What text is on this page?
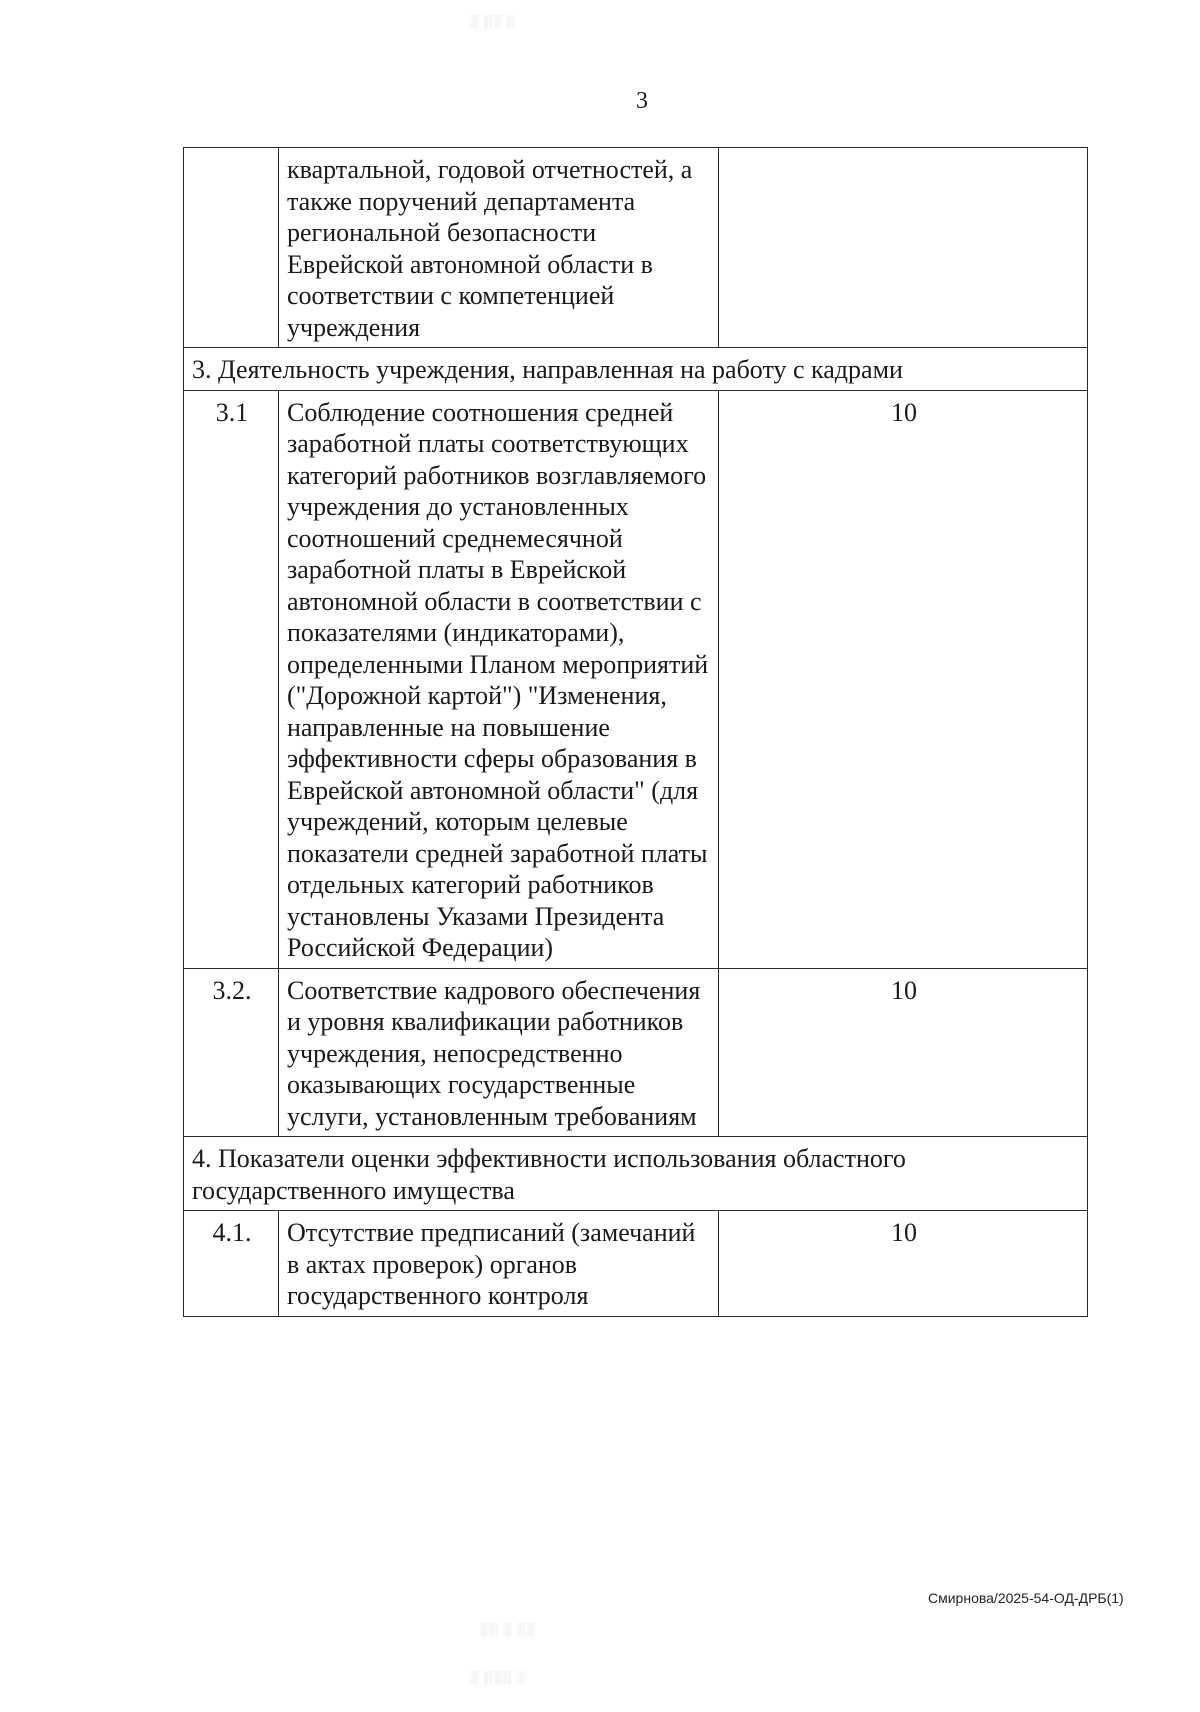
3
	квартальной, годовой отчетностей, а также поручений департамента региональной безопасности Еврейской автономной области в соответствии с компетенцией учреждения	
3. Деятельность учреждения, направленная на работу с кадрами		
3.1	Соблюдение соотношения средней заработной платы соответствующих категорий работников возглавляемого учреждения до установленных соотношений среднемесячной заработной платы в Еврейской автономной области в соответствии с показателями (индикаторами), определенными Планом мероприятий ("Дорожной картой") "Изменения, направленные на повышение эффективности сферы образования в Еврейской автономной области" (для учреждений, которым целевые показатели средней заработной платы отдельных категорий работников установлены Указами Президента Российской Федерации)	10
3.2.	Соответствие кадрового обеспечения и уровня квалификации работников учреждения, непосредственно оказывающих государственные услуги, установленным требованиям	10
4. Показатели оценки эффективности использования областного государственного имущества		
4.1.	Отсутствие предписаний (замечаний в актах проверок) органов государственного контроля	10
Смирнова/2025-54-ОД-ДРБ(1)
░ ░░ ░
░░ ░ ░░
░ ░░░ ░
